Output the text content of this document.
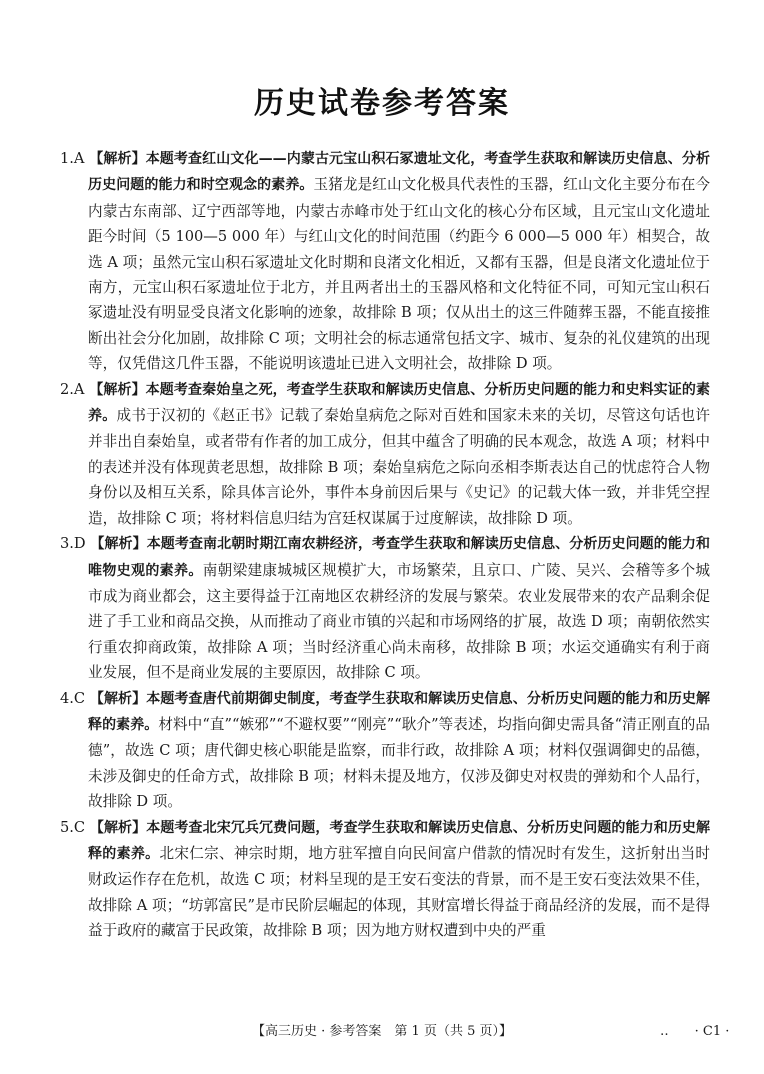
历史试卷参考答案

1.A 【解析】本题考查红山文化——内蒙古元宝山积石冢遗址文化，考查学生获取和解读历史信息、分析历史问题的能力和时空观念的素养。玉猪龙是红山文化极具代表性的玉器，红山文化主要分布在今内蒙古东南部、辽宁西部等地，内蒙古赤峰市处于红山文化的核心分布区域，且元宝山文化遗址距今时间（5 100—5 000 年）与红山文化的时间范围（约距今 6 000—5 000 年）相契合，故选 A 项；虽然元宝山积石冢遗址文化时期和良渚文化相近，又都有玉器，但是良渚文化遗址位于南方，元宝山积石冢遗址位于北方，并且两者出土的玉器风格和文化特征不同，可知元宝山积石冢遗址没有明显受良渚文化影响的迹象，故排除 B 项；仅从出土的这三件随葬玉器，不能直接推断出社会分化加剧，故排除 C 项；文明社会的标志通常包括文字、城市、复杂的礼仪建筑的出现等，仅凭借这几件玉器，不能说明该遗址已进入文明社会，故排除 D 项。

2.A 【解析】本题考查秦始皇之死，考查学生获取和解读历史信息、分析历史问题的能力和史料实证的素养。成书于汉初的《赵正书》记载了秦始皇病危之际对百姓和国家未来的关切，尽管这句话也许并非出自秦始皇，或者带有作者的加工成分，但其中蕴含了明确的民本观念，故选 A 项；材料中的表述并没有体现黄老思想，故排除 B 项；秦始皇病危之际向丞相李斯表达自己的忧虑符合人物身份以及相互关系，除具体言论外，事件本身前因后果与《史记》的记载大体一致，并非凭空捏造，故排除 C 项；将材料信息归结为宫廷权谋属于过度解读，故排除 D 项。

3.D 【解析】本题考查南北朝时期江南农耕经济，考查学生获取和解读历史信息、分析历史问题的能力和唯物史观的素养。南朝梁建康城城区规模扩大，市场繁荣，且京口、广陵、吴兴、会稽等多个城市成为商业都会，这主要得益于江南地区农耕经济的发展与繁荣。农业发展带来的农产品剩余促进了手工业和商品交换，从而推动了商业市镇的兴起和市场网络的扩展，故选 D 项；南朝依然实行重农抑商政策，故排除 A 项；当时经济重心尚未南移，故排除 B 项；水运交通确实有利于商业发展，但不是商业发展的主要原因，故排除 C 项。

4.C 【解析】本题考查唐代前期御史制度，考查学生获取和解读历史信息、分析历史问题的能力和历史解释的素养。材料中“直”“嫉邪”“不避权要”“刚亮”“耿介”等表述，均指向御史需具备“清正刚直的品德”，故选 C 项；唐代御史核心职能是监察，而非行政，故排除 A 项；材料仅强调御史的品德，未涉及御史的任命方式，故排除 B 项；材料未提及地方，仅涉及御史对权贵的弹劾和个人品行，故排除 D 项。

5.C 【解析】本题考查北宋冗兵冗费问题，考查学生获取和解读历史信息、分析历史问题的能力和历史解释的素养。北宋仁宗、神宗时期，地方驻军擅自向民间富户借款的情况时有发生，这折射出当时财政运作存在危机，故选 C 项；材料呈现的是王安石变法的背景，而不是王安石变法效果不佳，故排除 A 项；“坊郭富民”是市民阶层崛起的体现，其财富增长得益于商品经济的发展，而不是得益于政府的藏富于民政策，故排除 B 项；因为地方财权遭到中央的严重

【高三历史 · 参考答案　第 1 页（共 5 页）】	‥　　· C1 ·
